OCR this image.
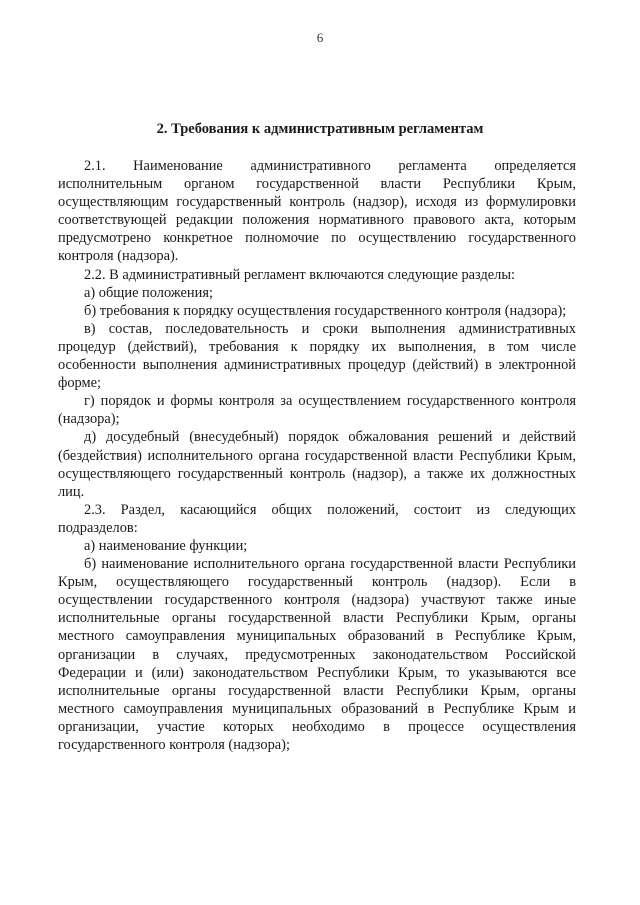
6
2. Требования к административным регламентам

2.1. Наименование административного регламента определяется исполнительным органом государственной власти Республики Крым, осуществляющим государственный контроль (надзор), исходя из формулировки соответствующей редакции положения нормативного правового акта, которым предусмотрено конкретное полномочие по осуществлению государственного контроля (надзора).

2.2. В административный регламент включаются следующие разделы:

а) общие положения;

б) требования к порядку осуществления государственного контроля (надзора);

в) состав, последовательность и сроки выполнения административных процедур (действий), требования к порядку их выполнения, в том числе особенности выполнения административных процедур (действий) в электронной форме;

г) порядок и формы контроля за осуществлением государственного контроля (надзора);

д) досудебный (внесудебный) порядок обжалования решений и действий (бездействия) исполнительного органа государственной власти Республики Крым, осуществляющего государственный контроль (надзор), а также их должностных лиц.

2.3. Раздел, касающийся общих положений, состоит из следующих подразделов:

а) наименование функции;

б) наименование исполнительного органа государственной власти Республики Крым, осуществляющего государственный контроль (надзор). Если в осуществлении государственного контроля (надзора) участвуют также иные исполнительные органы государственной власти Республики Крым, органы местного самоуправления муниципальных образований в Республике Крым, организации в случаях, предусмотренных законодательством Российской Федерации и (или) законодательством Республики Крым, то указываются все исполнительные органы государственной власти Республики Крым, органы местного самоуправления муниципальных образований в Республике Крым и организации, участие которых необходимо в процессе осуществления государственного контроля (надзора);
